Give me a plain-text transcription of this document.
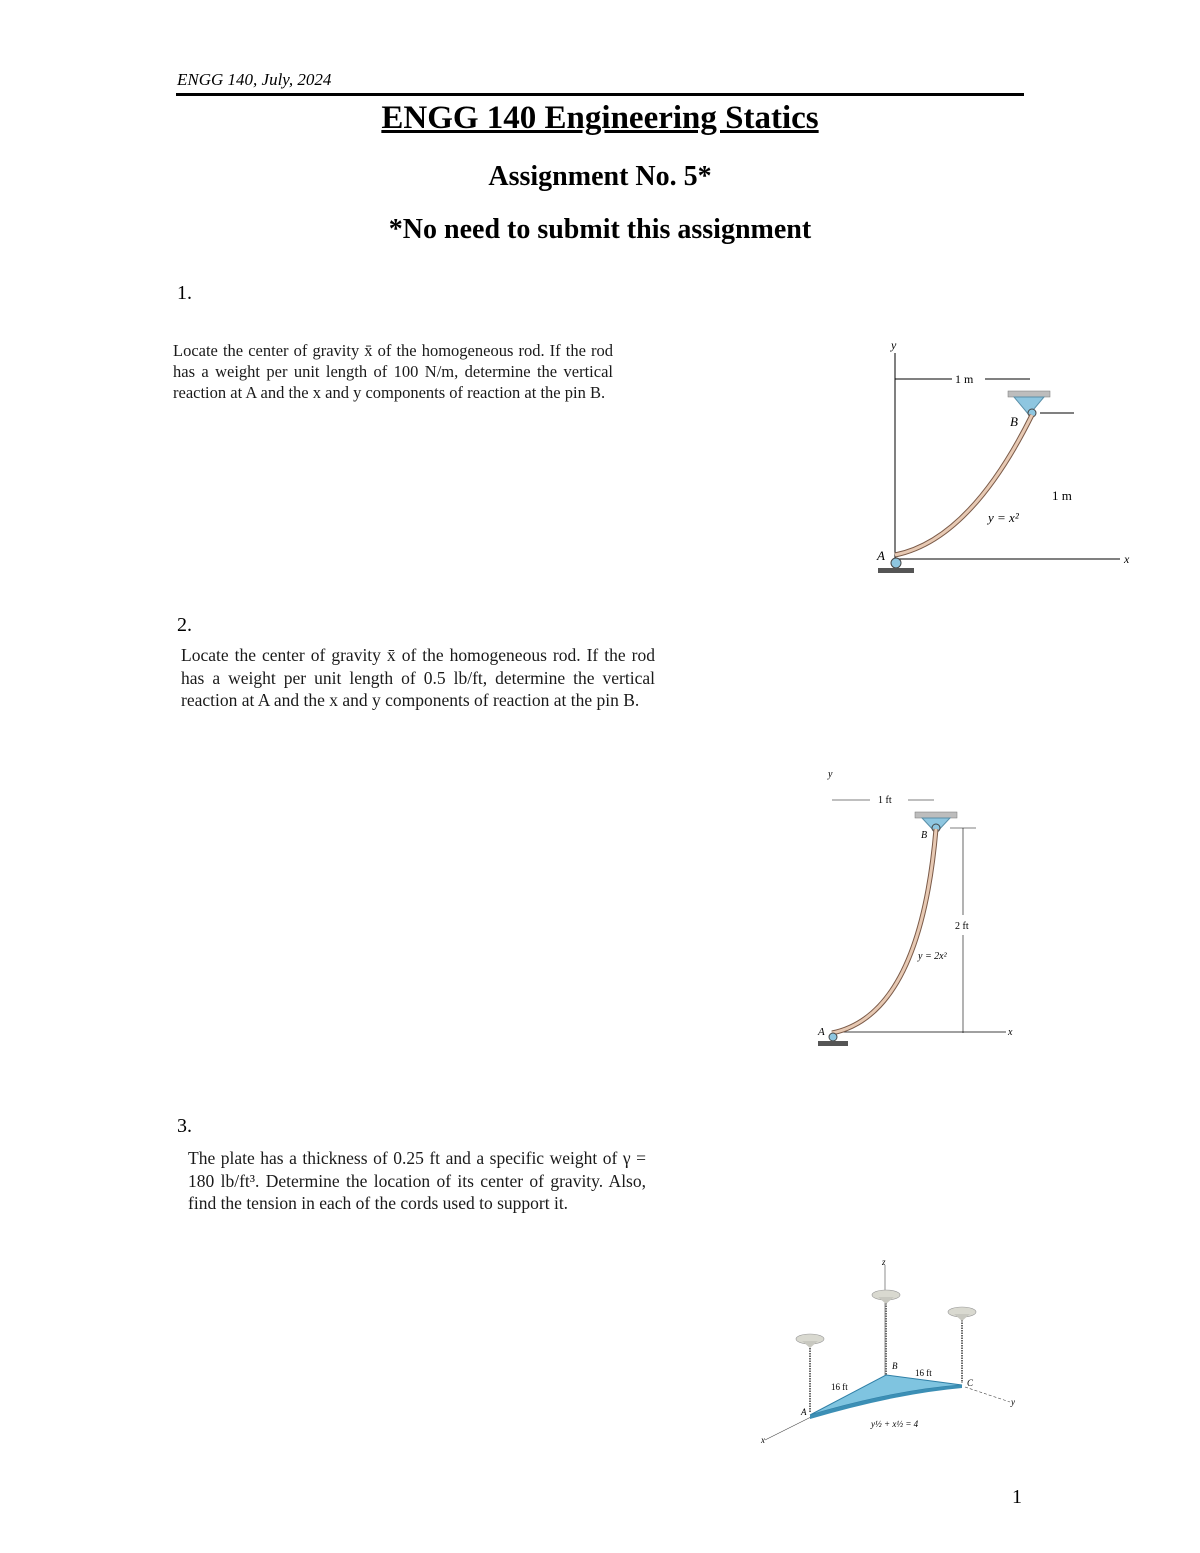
ENGG 140, July, 2024
ENGG 140 Engineering Statics
Assignment No. 5*
*No need to submit this assignment
1.
Locate the center of gravity x̄ of the homogeneous rod. If the rod has a weight per unit length of 100 N/m, determine the vertical reaction at A and the x and y components of reaction at the pin B.
y
x
1 m
1 m
B
y = x²
A
2.
Locate the center of gravity x̄ of the homogeneous rod. If the rod has a weight per unit length of 0.5 lb/ft, determine the vertical reaction at A and the x and y components of reaction at the pin B.
y
1 ft
B
2 ft
x
y = 2x²
A
3.
The plate has a thickness of 0.25 ft and a specific weight of γ = 180 lb/ft³. Determine the location of its center of gravity. Also, find the tension in each of the cords used to support it.
z
x
y
A
B
C
16 ft
16 ft
y½ + x½ = 4
1
